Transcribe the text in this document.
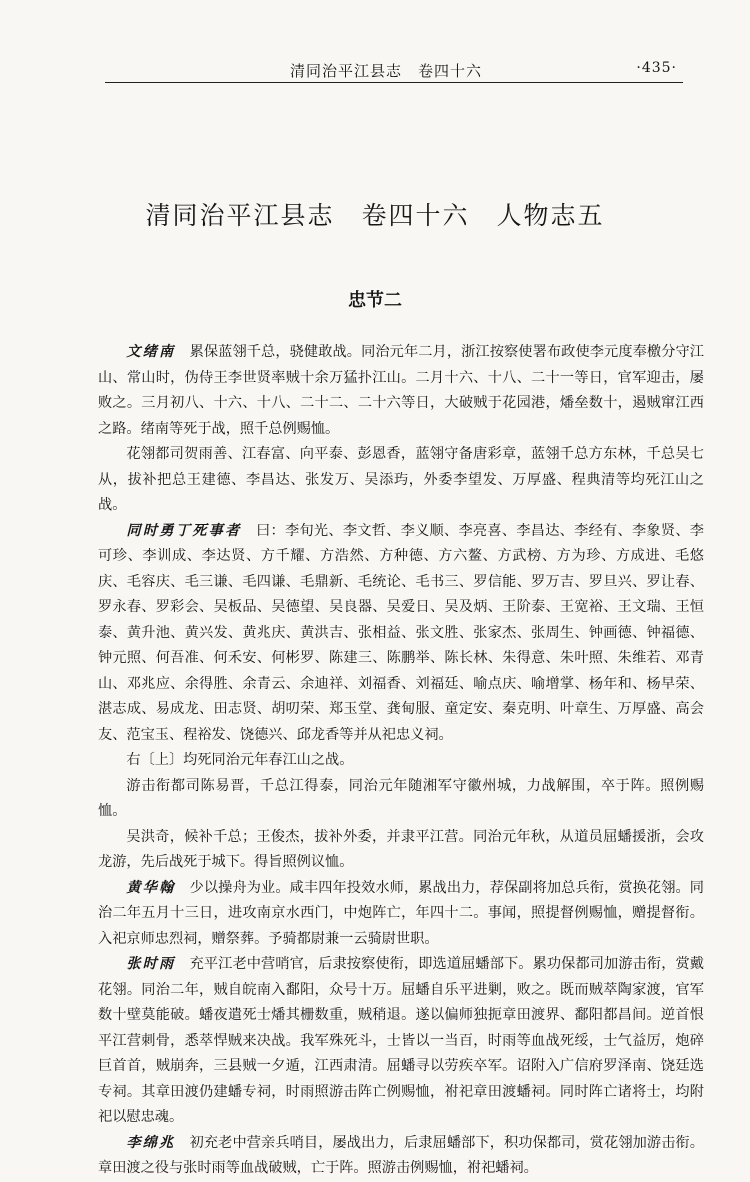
清同治平江县志　卷四十六	·435·
清同治平江县志　卷四十六　人物志五
忠节二

文绪南　累保蓝翎千总，骁健敢战。同治元年二月，浙江按察使署布政使李元度奉檄分守江山、常山时，伪侍王李世贤率贼十余万猛扑江山。二月十六、十八、二十一等日，官军迎击，屡败之。三月初八、十六、十八、二十二、二十六等日，大破贼于花园港，燔垒数十，遏贼窜江西之路。绪南等死于战，照千总例赐恤。

花翎都司贺雨善、江春富、向平泰、彭恩香，蓝翎守备唐彩章，蓝翎千总方东林，千总吴七从，拔补把总王建德、李昌达、张发万、吴添玙，外委李望发、万厚盛、程典清等均死江山之战。

同时勇丁死事者　曰：李旬光、李文哲、李义顺、李亮喜、李昌达、李经有、李象贤、李可珍、李训成、李达贤、方千耀、方浩然、方种德、方六鳌、方武榜、方为珍、方成进、毛悠庆、毛容庆、毛三谦、毛四谦、毛鼎新、毛统论、毛书三、罗信能、罗万吉、罗旦兴、罗让春、罗永春、罗彩会、吴板品、吴德望、吴良器、吴爱日、吴及炳、王阶泰、王宽裕、王文瑞、王恒泰、黄升池、黄兴发、黄兆庆、黄洪吉、张相益、张文胜、张家杰、张周生、钟画德、钟福德、钟元照、何吾准、何禾安、何彬罗、陈建三、陈鹏举、陈长林、朱得意、朱叶照、朱维若、邓青山、邓兆应、余得胜、余青云、余迪祥、刘福香、刘福廷、喻点庆、喻增掌、杨年和、杨早荣、湛志成、易成龙、田志贤、胡叨荣、郑玉堂、龚甸服、童定安、秦克明、叶章生、万厚盛、高会友、范宝玉、程裕发、饶德兴、邱龙香等并从祀忠义祠。

右〔上〕均死同治元年春江山之战。

游击衔都司陈易晋，千总江得泰，同治元年随湘军守徽州城，力战解围，卒于阵。照例赐恤。

吴洪奇，候补千总；王俊杰，拔补外委，并隶平江营。同治元年秋，从道员屈蟠援浙，会攻龙游，先后战死于城下。得旨照例议恤。

黄华翰　少以操舟为业。咸丰四年投效水师，累战出力，荐保副将加总兵衔，赏换花翎。同治二年五月十三日，进攻南京水西门，中炮阵亡，年四十二。事闻，照提督例赐恤，赠提督衔。入祀京师忠烈祠，赠祭葬。予骑都尉兼一云骑尉世职。

张时雨　充平江老中营哨官，后隶按察使衔，即选道屈蟠部下。累功保都司加游击衔，赏戴花翎。同治二年，贼自皖南入鄱阳，众号十万。屈蟠自乐平进剿，败之。既而贼萃陶家渡，官军数十壁莫能破。蟠夜遣死士燔其栅数重，贼稍退。遂以偏师独扼章田渡界、鄱阳都昌间。逆首恨平江营刺骨，悉萃悍贼来决战。我军殊死斗，士皆以一当百，时雨等血战死绥，士气益厉，炮碎巨首首，贼崩奔，三县贼一夕遁，江西肃清。屈蟠寻以劳疾卒军。诏附入广信府罗泽南、饶廷选专祠。其章田渡仍建蟠专祠，时雨照游击阵亡例赐恤，祔祀章田渡蟠祠。同时阵亡诸将士，均附祀以慰忠魂。

李绵兆　初充老中营亲兵哨目，屡战出力，后隶屈蟠部下，积功保都司，赏花翎加游击衔。章田渡之役与张时雨等血战破贼，亡于阵。照游击例赐恤，祔祀蟠祠。
